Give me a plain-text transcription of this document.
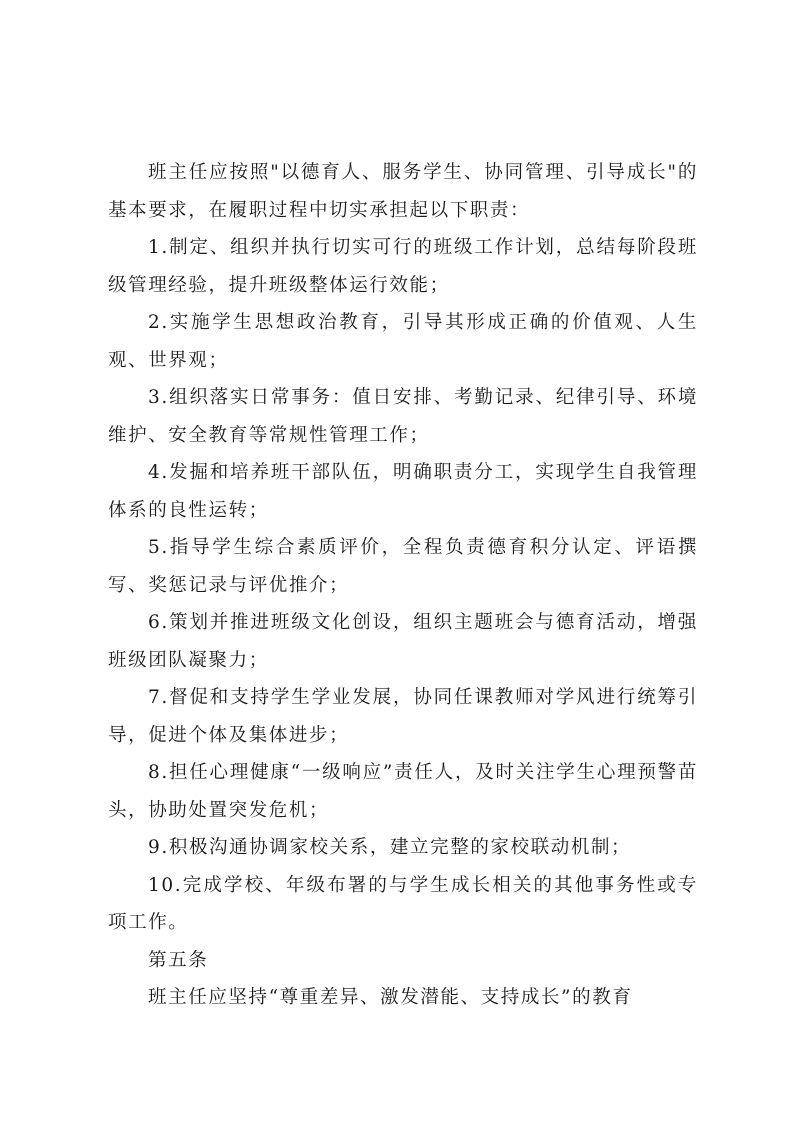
班主任应按照"以德育人、服务学生、协同管理、引导成长"的基本要求，在履职过程中切实承担起以下职责：

1.制定、组织并执行切实可行的班级工作计划，总结每阶段班级管理经验，提升班级整体运行效能；

2.实施学生思想政治教育，引导其形成正确的价值观、人生观、世界观；

3.组织落实日常事务：值日安排、考勤记录、纪律引导、环境维护、安全教育等常规性管理工作；

4.发掘和培养班干部队伍，明确职责分工，实现学生自我管理体系的良性运转；

5.指导学生综合素质评价，全程负责德育积分认定、评语撰写、奖惩记录与评优推介；

6.策划并推进班级文化创设，组织主题班会与德育活动，增强班级团队凝聚力；

7.督促和支持学生学业发展，协同任课教师对学风进行统筹引导，促进个体及集体进步；

8.担任心理健康“一级响应”责任人，及时关注学生心理预警苗头，协助处置突发危机；

9.积极沟通协调家校关系，建立完整的家校联动机制；

10.完成学校、年级布署的与学生成长相关的其他事务性或专项工作。

第五条

班主任应坚持“尊重差异、激发潜能、支持成长”的教育
